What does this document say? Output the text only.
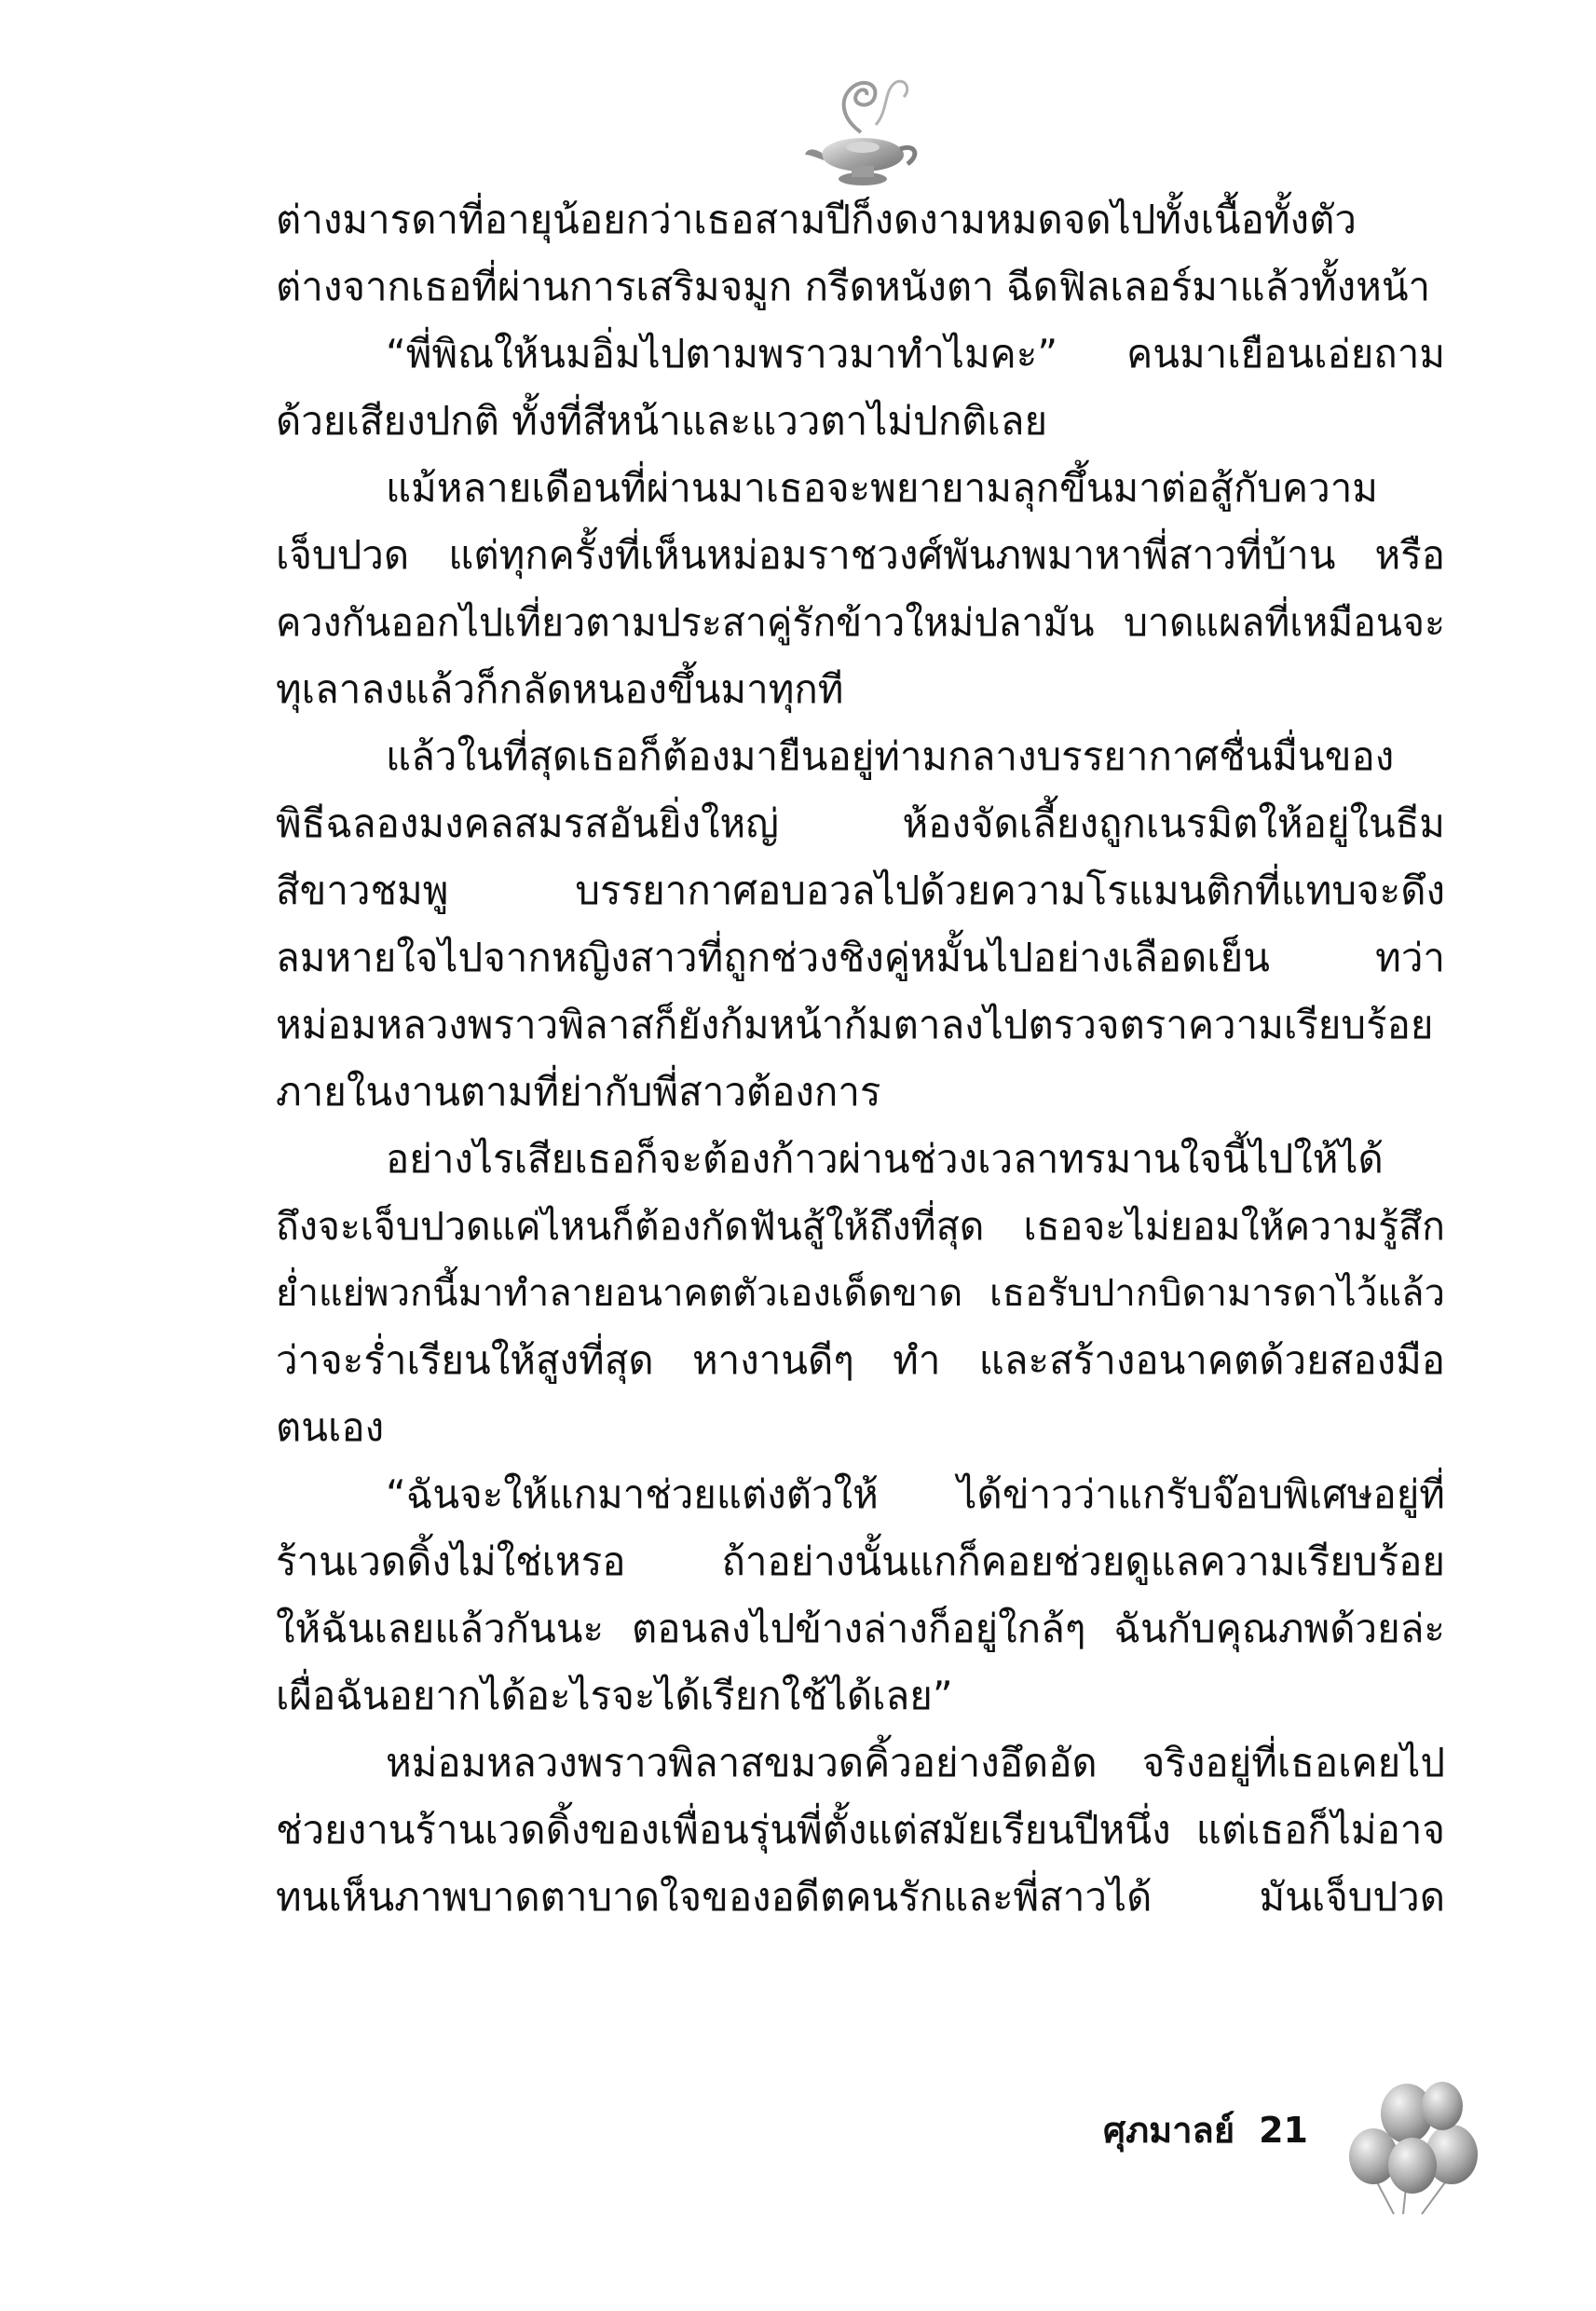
ต่างมารดาที่อายุน้อยกว่าเธอสามปีก็งดงามหมดจดไปทั้งเนื้อทั้งตัว
ต่างจากเธอที่ผ่านการเสริมจมูก กรีดหนังตา ฉีดฟิลเลอร์มาแล้วทั้งหน้า
“พี่พิณให้นมอิ่มไปตามพราวมาทำไมคะ” คนมาเยือนเอ่ยถาม
ด้วยเสียงปกติ ทั้งที่สีหน้าและแววตาไม่ปกติเลย
แม้หลายเดือนที่ผ่านมาเธอจะพยายามลุกขึ้นมาต่อสู้กับความ
เจ็บปวด แต่ทุกครั้งที่เห็นหม่อมราชวงศ์พันภพมาหาพี่สาวที่บ้าน หรือ
ควงกันออกไปเที่ยวตามประสาคู่รักข้าวใหม่ปลามัน บาดแผลที่เหมือนจะ
ทุเลาลงแล้วก็กลัดหนองขึ้นมาทุกที
แล้วในที่สุดเธอก็ต้องมายืนอยู่ท่ามกลางบรรยากาศชื่นมื่นของ
พิธีฉลองมงคลสมรสอันยิ่งใหญ่ ห้องจัดเลี้ยงถูกเนรมิตให้อยู่ในธีม
สีขาวชมพู บรรยากาศอบอวลไปด้วยความโรแมนติกที่แทบจะดึง
ลมหายใจไปจากหญิงสาวที่ถูกช่วงชิงคู่หมั้นไปอย่างเลือดเย็น ทว่า
หม่อมหลวงพราวพิลาสก็ยังก้มหน้าก้มตาลงไปตรวจตราความเรียบร้อย
ภายในงานตามที่ย่ากับพี่สาวต้องการ
อย่างไรเสียเธอก็จะต้องก้าวผ่านช่วงเวลาทรมานใจนี้ไปให้ได้
ถึงจะเจ็บปวดแค่ไหนก็ต้องกัดฟันสู้ให้ถึงที่สุด เธอจะไม่ยอมให้ความรู้สึก
ย่ำแย่พวกนี้มาทำลายอนาคตตัวเองเด็ดขาด เธอรับปากบิดามารดาไว้แล้ว
ว่าจะร่ำเรียนให้สูงที่สุด หางานดีๆ ทำ และสร้างอนาคตด้วยสองมือ
ตนเอง
“ฉันจะให้แกมาช่วยแต่งตัวให้ ได้ข่าวว่าแกรับจ๊อบพิเศษอยู่ที่
ร้านเวดดิ้งไม่ใช่เหรอ ถ้าอย่างนั้นแกก็คอยช่วยดูแลความเรียบร้อย
ให้ฉันเลยแล้วกันนะ ตอนลงไปข้างล่างก็อยู่ใกล้ๆ ฉันกับคุณภพด้วยล่ะ
เผื่อฉันอยากได้อะไรจะได้เรียกใช้ได้เลย”
หม่อมหลวงพราวพิลาสขมวดคิ้วอย่างอึดอัด จริงอยู่ที่เธอเคยไป
ช่วยงานร้านเวดดิ้งของเพื่อนรุ่นพี่ตั้งแต่สมัยเรียนปีหนึ่ง แต่เธอก็ไม่อาจ
ทนเห็นภาพบาดตาบาดใจของอดีตคนรักและพี่สาวได้ มันเจ็บปวด
ศุภมาลย์ 21
